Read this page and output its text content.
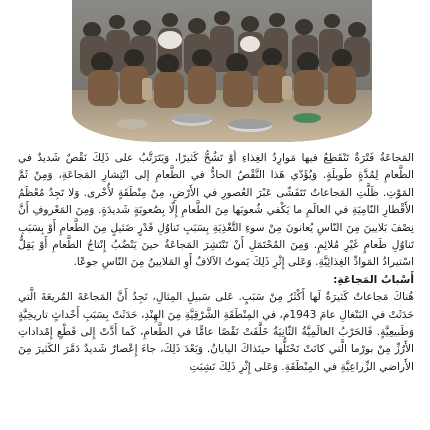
المَجاعَةُ فَتْرَةٌ تَنْقَطِعُ فيها مَوارِدُ الغِذاءِ أَوْ تَشُحُّ كَثيرًا، وَيَتَرَتَّبُ على ذَلِكَ نَقْصٌ شَديدٌ في الطَّعامِ لِمُدَّةٍ طَويلَةٍ. وَيُؤَدّي هَذا النَّقْصُ الحادُّ في الطَّعامِ إلى انْتِشارِ المَجاعَةِ، وَمِنْ ثَمَّ المَوْتِ. ظَلَّتِ المَجاعاتُ تَتَفَشّى عَبْرَ العُصورِ في الأَرْضِ، مِنْ مِنْطَقَةٍ لأُخْرى. وَلا تَجِدُ مُعْظَمُ الأَقْطارِ النّامِيَةِ في العالَمِ ما يَكْفي شُعوبَها مِنَ الطَّعامِ إِلّا بِصُعوبَةٍ شَديدَةٍ. وَمِنَ المَعْروفِ أَنَّ نِصْفَ بَلايينَ مِنَ النّاسِ يُعانونَ مِنْ سوءِ التَّغْذِيَةِ بِسَبَبِ تَناوُلِ قَدْرٍ ضَئيلٍ مِنَ الطَّعامِ أَوْ بِسَبَبِ تَناوُلِ طَعامٍ غَيْرِ مُلائِمٍ. وَمِنَ المُحْتَمَلِ أَنْ تَنْتَشِرَ المَجاعَةُ حينَ يَنْضُبُ إِنْتاجُ الطَّعامِ أَوْ يَقِلُّ اسْتيرادُ المَوادِّ الغِذائِيَّةِ. وَعَلى إِثْرِ ذَلِكَ يَموتُ الآلافُ أَوِ المَلايينُ مِنَ النّاسِ جوعًا.

أَسْبابُ المَجاعَةِ:

هُناكَ مَجاعاتٌ كَثيرَةٌ لَها أَكْثَرُ مِنْ سَبَبٍ. عَلى سَبيلِ المِثالِ، نَجِدُ أَنَّ المَجاعَةَ المُريعَةَ الَّتي حَدَثَتْ في البَنْغالِ عامَ 1943م، في المِنْطَقَةِ الشَّرْقِيَّةِ مِنَ الهِنْدِ، حَدَثَتْ بِسَبَبِ أَحْداثٍ تاريخِيَّةٍ وَطَبيعِيَّةٍ. فَالحَرْبُ العالَمِيَّةُ الثّانِيَةُ خَلَّفَتْ نَقْصًا عامًّا في الطَّعامِ، كَما أَدَّتْ إِلى قَطْعِ إِمْداداتِ الأَرُزِّ مِنْ بورْما الَّتي كانَتْ تَحْتَلُّها حينَذاكَ اليابانُ. وَبَعْدَ ذَلِكَ، جاءَ إِعْصارٌ شَديدٌ دَمَّرَ الكَثيرَ مِنَ الأَراضي الزِّراعِيَّةِ في المِنْطَقَةِ. وَعَلى إِثْرِ ذَلِكَ نَشِبَتِ
